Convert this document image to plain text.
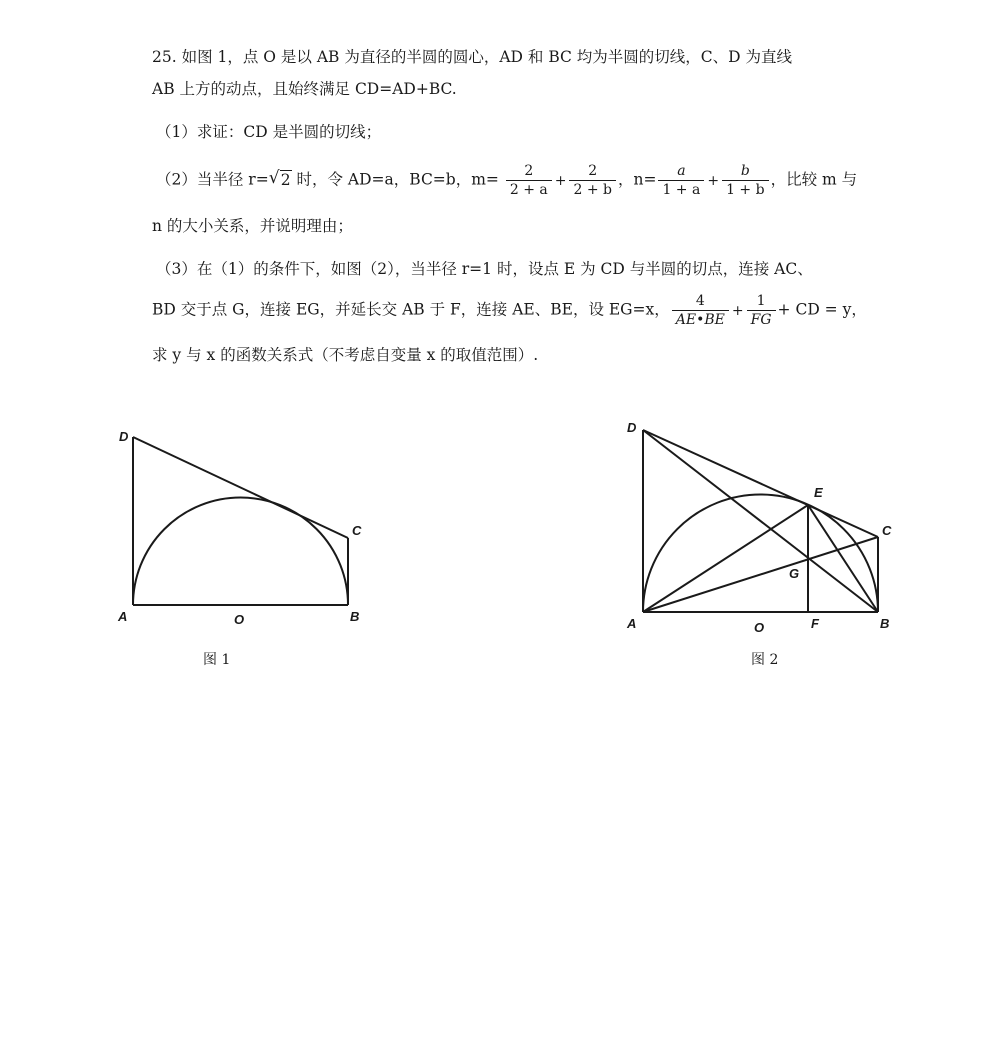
25. 如图 1，点 O 是以 AB 为直径的半圆的圆心，AD 和 BC 均为半圆的切线，C、D 为直线
AB 上方的动点，且始终满足 CD=AD+BC.
（1）求证：CD 是半圆的切线；
（2）当半径 r=√ 2 时，令 AD=a，BC=b，$m= \frac{2}{2 + a} + \frac{2}{2 + b}$ ，$n= \frac{a}{1 + a} + \frac{b}{1 + b}$ ，比较 m 与
n 的大小关系，并说明理由；
（3）在（1）的条件下，如图（2），当半径 r=1 时，设点 E 为 CD 与半圆的切点，连接 AC、
BD 交于点 G，连接 EG，并延长交 AB 于 F，连接 AE、BE，设 EG=x， $\frac{4}{AE•BE} + \frac{1}{FG}$ + CD = y，
求 y 与 x 的函数关系式（不考虑自变量 x 的取值范围）.
D
C
A	O	B
图 1
D
E
C
G
A	O	F	B
图 2
